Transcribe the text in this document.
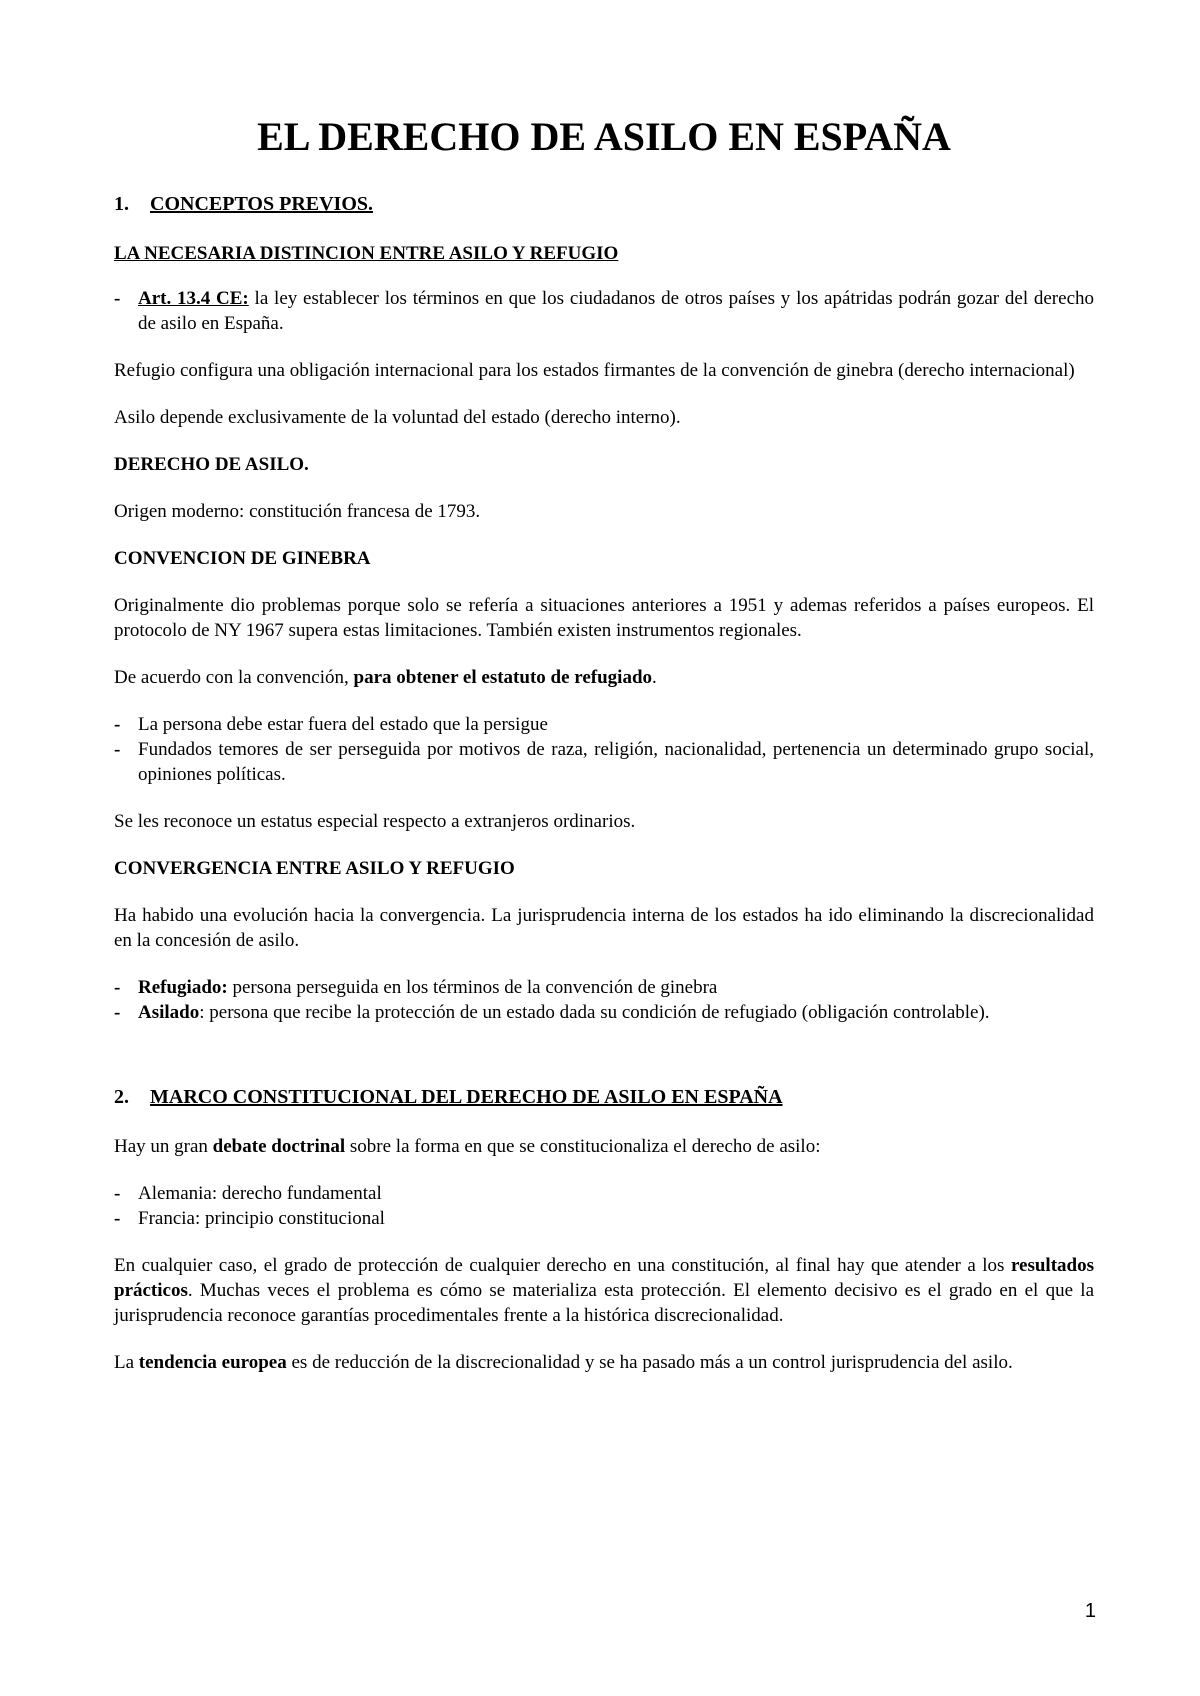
EL DERECHO DE ASILO EN ESPAÑA
1.	CONCEPTOS PREVIOS.
LA NECESARIA DISTINCION ENTRE ASILO Y REFUGIO
- Art. 13.4 CE: la ley establecer los términos en que los ciudadanos de otros países y los apátridas podrán gozar del derecho de asilo en España.

Refugio configura una obligación internacional para los estados firmantes de la convención de ginebra (derecho internacional)

Asilo depende exclusivamente de la voluntad del estado (derecho interno).

DERECHO DE ASILO.

Origen moderno: constitución francesa de 1793.

CONVENCION DE GINEBRA

Originalmente dio problemas porque solo se refería a situaciones anteriores a 1951 y ademas referidos a países europeos. El protocolo de NY 1967 supera estas limitaciones. También existen instrumentos regionales.

De acuerdo con la convención, para obtener el estatuto de refugiado.

- La persona debe estar fuera del estado que la persigue
- Fundados temores de ser perseguida por motivos de raza, religión, nacionalidad, pertenencia un determinado grupo social, opiniones políticas.

Se les reconoce un estatus especial respecto a extranjeros ordinarios.

CONVERGENCIA ENTRE ASILO Y REFUGIO

Ha habido una evolución hacia la convergencia. La jurisprudencia interna de los estados ha ido eliminando la discrecionalidad en la concesión de asilo.

- Refugiado: persona perseguida en los términos de la convención de ginebra
- Asilado: persona que recibe la protección de un estado dada su condición de refugiado (obligación controlable).
2.	MARCO CONSTITUCIONAL DEL DERECHO DE ASILO EN ESPAÑA

Hay un gran debate doctrinal sobre la forma en que se constitucionaliza el derecho de asilo:

- Alemania: derecho fundamental
- Francia: principio constitucional

En cualquier caso, el grado de protección de cualquier derecho en una constitución, al final hay que atender a los resultados prácticos. Muchas veces el problema es cómo se materializa esta protección. El elemento decisivo es el grado en el que la jurisprudencia reconoce garantías procedimentales frente a la histórica discrecionalidad.

La tendencia europea es de reducción de la discrecionalidad y se ha pasado más a un control jurisprudencia del asilo.

1
